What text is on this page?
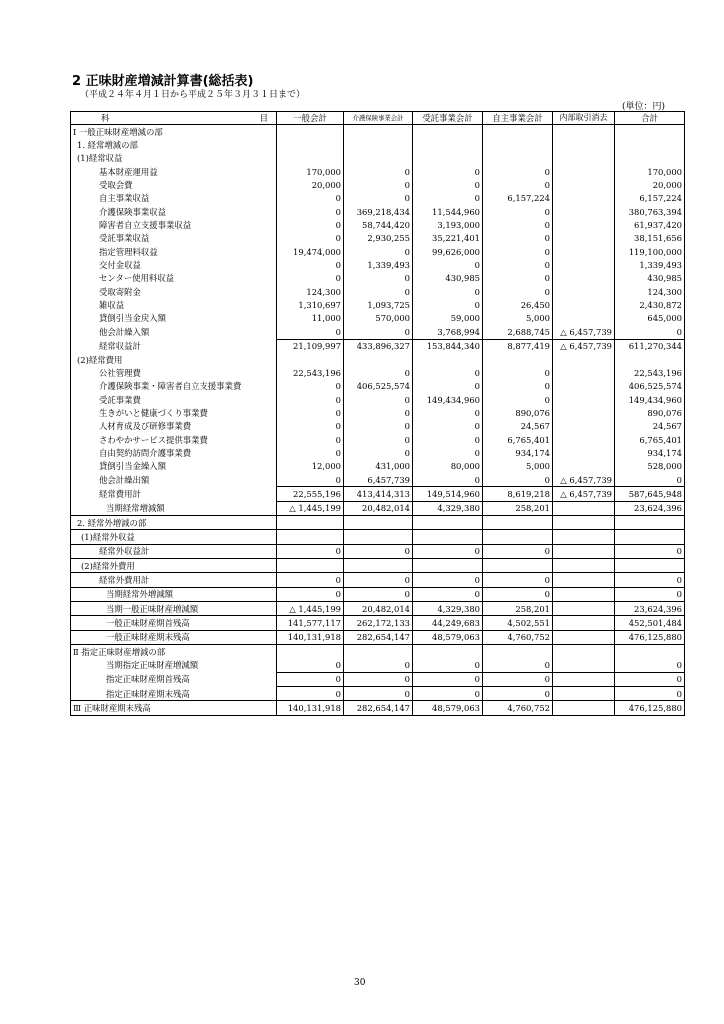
2 正味財産増減計算書(総括表)
（平成２４年４月１日から平成２５年３月３１日まで）
(単位：円)
科 目	一般会計	介護保険事業会計	受託事業会計	自主事業会計	内部取引消去	合計
Ⅰ 一般正味財産増減の部						
1. 経常増減の部						
(1)経常収益						
基本財産運用益	170,000	0	0	0		170,000
受取会費	20,000	0	0	0		20,000
自主事業収益	0	0	0	6,157,224		6,157,224
介護保険事業収益	0	369,218,434	11,544,960	0		380,763,394
障害者自立支援事業収益	0	58,744,420	3,193,000	0		61,937,420
受託事業収益	0	2,930,255	35,221,401	0		38,151,656
指定管理料収益	19,474,000	0	99,626,000	0		119,100,000
交付金収益	0	1,339,493	0	0		1,339,493
センター使用料収益	0	0	430,985	0		430,985
受取寄附金	124,300	0	0	0		124,300
雑収益	1,310,697	1,093,725	0	26,450		2,430,872
貸倒引当金戻入額	11,000	570,000	59,000	5,000		645,000
他会計繰入額	0	0	3,768,994	2,688,745	△ 6,457,739	0
経常収益計	21,109,997	433,896,327	153,844,340	8,877,419	△ 6,457,739	611,270,344
(2)経常費用						
公社管理費	22,543,196	0	0	0		22,543,196
介護保険事業・障害者自立支援事業費	0	406,525,574	0	0		406,525,574
受託事業費	0	0	149,434,960	0		149,434,960
生きがいと健康づくり事業費	0	0	0	890,076		890,076
人材育成及び研修事業費	0	0	0	24,567		24,567
さわやかサービス提供事業費	0	0	0	6,765,401		6,765,401
自由契約訪問介護事業費	0	0	0	934,174		934,174
貸倒引当金繰入額	12,000	431,000	80,000	5,000		528,000
他会計繰出額	0	6,457,739	0	0	△ 6,457,739	0
経常費用計	22,555,196	413,414,313	149,514,960	8,619,218	△ 6,457,739	587,645,948
当期経常増減額	△ 1,445,199	20,482,014	4,329,380	258,201		23,624,396
2. 経常外増減の部						
(1)経常外収益						
経常外収益計	0	0	0	0		0
(2)経常外費用						
経常外費用計	0	0	0	0		0
当期経常外増減額	0	0	0	0		0
当期一般正味財産増減額	△ 1,445,199	20,482,014	4,329,380	258,201		23,624,396
一般正味財産期首残高	141,577,117	262,172,133	44,249,683	4,502,551		452,501,484
一般正味財産期末残高	140,131,918	282,654,147	48,579,063	4,760,752		476,125,880
Ⅱ 指定正味財産増減の部						
当期指定正味財産増減額	0	0	0	0		0
指定正味財産期首残高	0	0	0	0		0
指定正味財産期末残高	0	0	0	0		0
Ⅲ 正味財産期末残高	140,131,918	282,654,147	48,579,063	4,760,752		476,125,880
30
